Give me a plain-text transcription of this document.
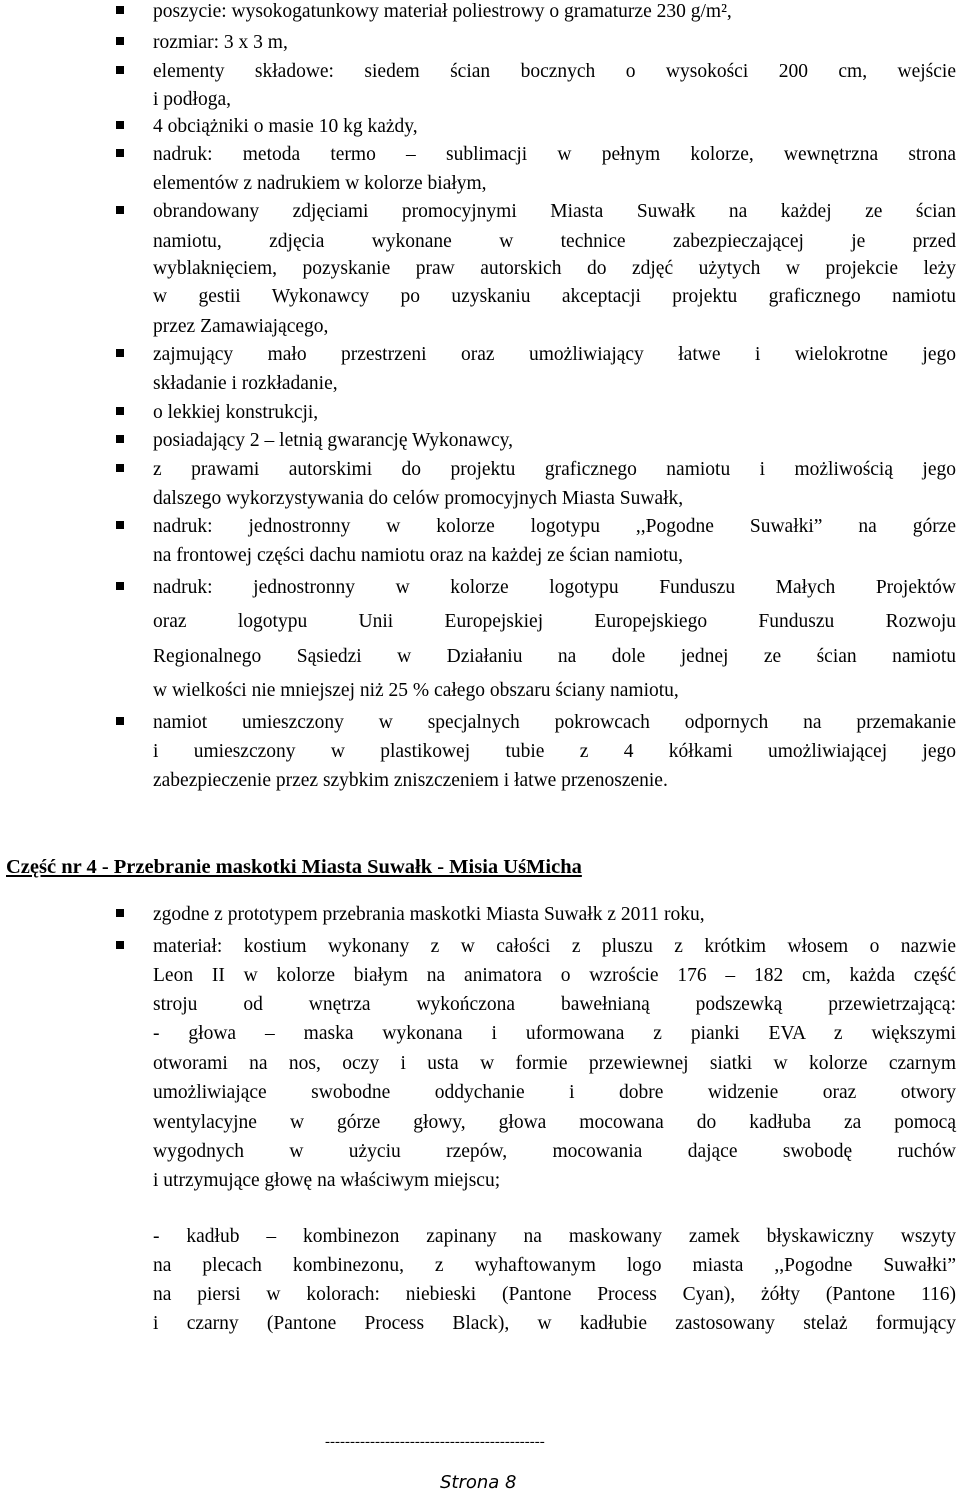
poszycie: wysokogatunkowy materiał poliestrowy o gramaturze 230 g/m²,
rozmiar: 3 x 3 m,
elementy składowe: siedem ścian bocznych o wysokości 200 cm, wejście
i podłoga,
4 obciążniki o masie 10 kg każdy,
nadruk: metoda termo – sublimacji w pełnym kolorze, wewnętrzna strona
elementów z nadrukiem w kolorze białym,
obrandowany zdjęciami promocyjnymi Miasta Suwałk na każdej ze ścian
namiotu, zdjęcia wykonane w technice zabezpieczającej je przed
wyblaknięciem, pozyskanie praw autorskich do zdjęć użytych w projekcie leży
w gestii Wykonawcy po uzyskaniu akceptacji projektu graficznego namiotu
przez Zamawiającego,
zajmujący mało przestrzeni oraz umożliwiający łatwe i wielokrotne jego
składanie i rozkładanie,
o lekkiej konstrukcji,
posiadający 2 – letnią gwarancję Wykonawcy,
z prawami autorskimi do projektu graficznego namiotu i możliwością jego
dalszego wykorzystywania do celów promocyjnych Miasta Suwałk,
nadruk: jednostronny w kolorze logotypu ,,Pogodne Suwałki” na górze
na frontowej części dachu namiotu oraz na każdej ze ścian namiotu,
nadruk: jednostronny w kolorze logotypu Funduszu Małych Projektów
oraz logotypu Unii Europejskiej Europejskiego Funduszu Rozwoju
Regionalnego Sąsiedzi w Działaniu na dole jednej ze ścian namiotu
w wielkości nie mniejszej niż 25 % całego obszaru ściany namiotu,
namiot umieszczony w specjalnych pokrowcach odpornych na przemakanie
i umieszczony w plastikowej tubie z 4 kółkami umożliwiającej jego
zabezpieczenie przez szybkim zniszczeniem i łatwe przenoszenie.
zgodne z prototypem przebrania maskotki Miasta Suwałk z 2011 roku,
materiał: kostium wykonany z w całości z pluszu z krótkim włosem o nazwie
Leon II w kolorze białym na animatora o wzroście 176 – 182 cm, każda część
stroju od wnętrza wykończona bawełnianą podszewką przewietrzającą:
- głowa – maska wykonana i uformowana z pianki EVA z większymi
otworami na nos, oczy i usta w formie przewiewnej siatki w kolorze czarnym
umożliwiające swobodne oddychanie i dobre widzenie oraz otwory
wentylacyjne w górze głowy, głowa mocowana do kadłuba za pomocą
wygodnych w użyciu rzepów, mocowania dające swobodę ruchów
i utrzymujące głowę na właściwym miejscu;
- kadłub – kombinezon zapinany na maskowany zamek błyskawiczny wszyty
na plecach kombinezonu, z wyhaftowanym logo miasta ,,Pogodne Suwałki”
na piersi w kolorach: niebieski (Pantone Process Cyan), żółty (Pantone 116)
i czarny (Pantone Process Black), w kadłubie zastosowany stelaż formujący
Część nr 4 - Przebranie maskotki Miasta Suwałk - Misia UśMicha
--------------------------------------------
Strona 8
